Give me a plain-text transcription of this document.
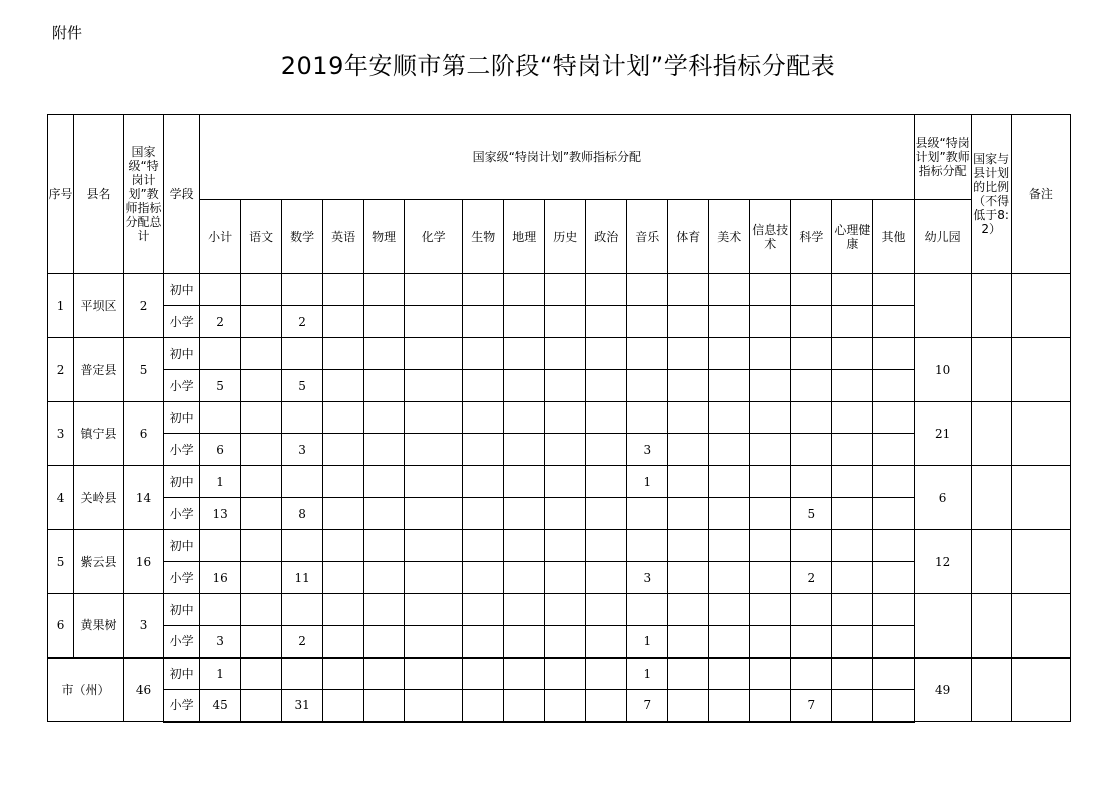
附件
2019年安顺市第二阶段“特岗计划”学科指标分配表
序号	县名	国家级“特岗计划”教师指标分配总计	学段	国家级“特岗计划”教师指标分配																	县级“特岗计划”教师指标分配	国家与县计划的比例（不得低于8:2）	备注
				小计	语文	数学	英语	物理	化学	生物	地理	历史	政治	音乐	体育	美术	信息技术	科学	心理健康	其他	幼儿园		
1	平坝区	2	初中																				
			小学	2		2																	
2	普定县	5	初中																		10		
			小学	5		5																	
3	镇宁县	6	初中																		21		
			小学	6		3								3									
4	关岭县	14	初中	1										1							6		
			小学	13		8												5					
5	紫云县	16	初中																		12		
			小学	16		11								3				2					
6	黄果树	3	初中																				
			小学	3		2								1									
市（州）		46	初中	1										1							49		
			小学	45		31								7				7					
